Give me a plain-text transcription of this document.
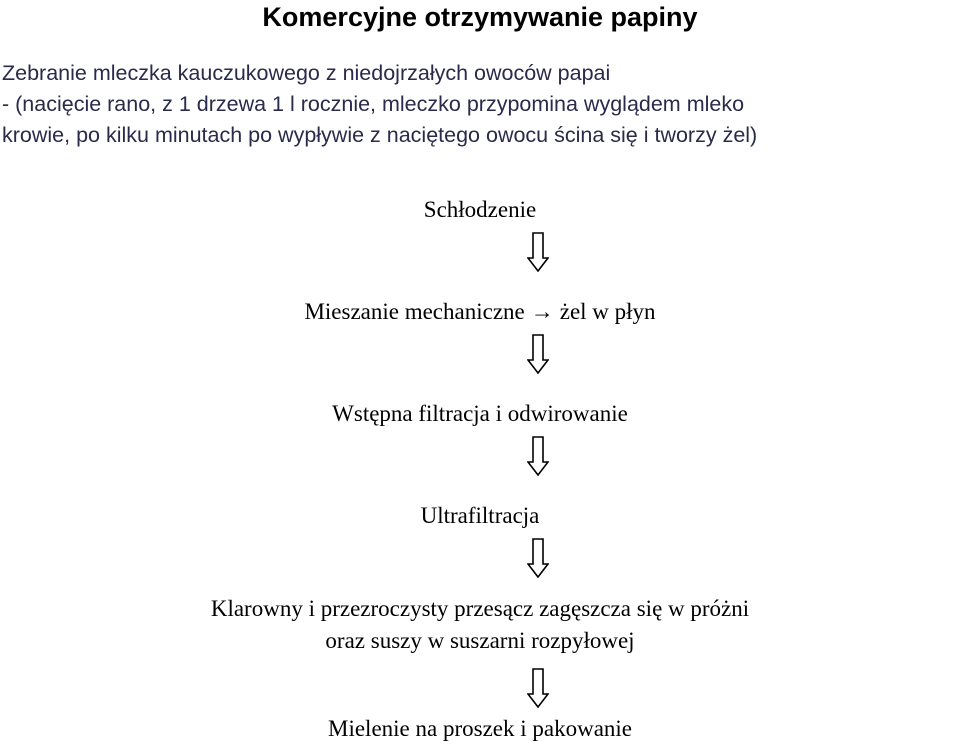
Komercyjne otrzymywanie papiny
Zebranie mleczka kauczukowego z niedojrzałych owoców papai
- (nacięcie rano, z 1 drzewa 1 l rocznie, mleczko przypomina wyglądem mleko
krowie, po kilku minutach po wypływie z naciętego owocu ścina się i tworzy żel)
Schłodzenie
Mieszanie mechaniczne → żel w płyn
Wstępna filtracja i odwirowanie
Ultrafiltracja
Klarowny i przezroczysty przesącz zagęszcza się w próżni
oraz suszy w suszarni rozpyłowej
Mielenie na proszek i pakowanie
